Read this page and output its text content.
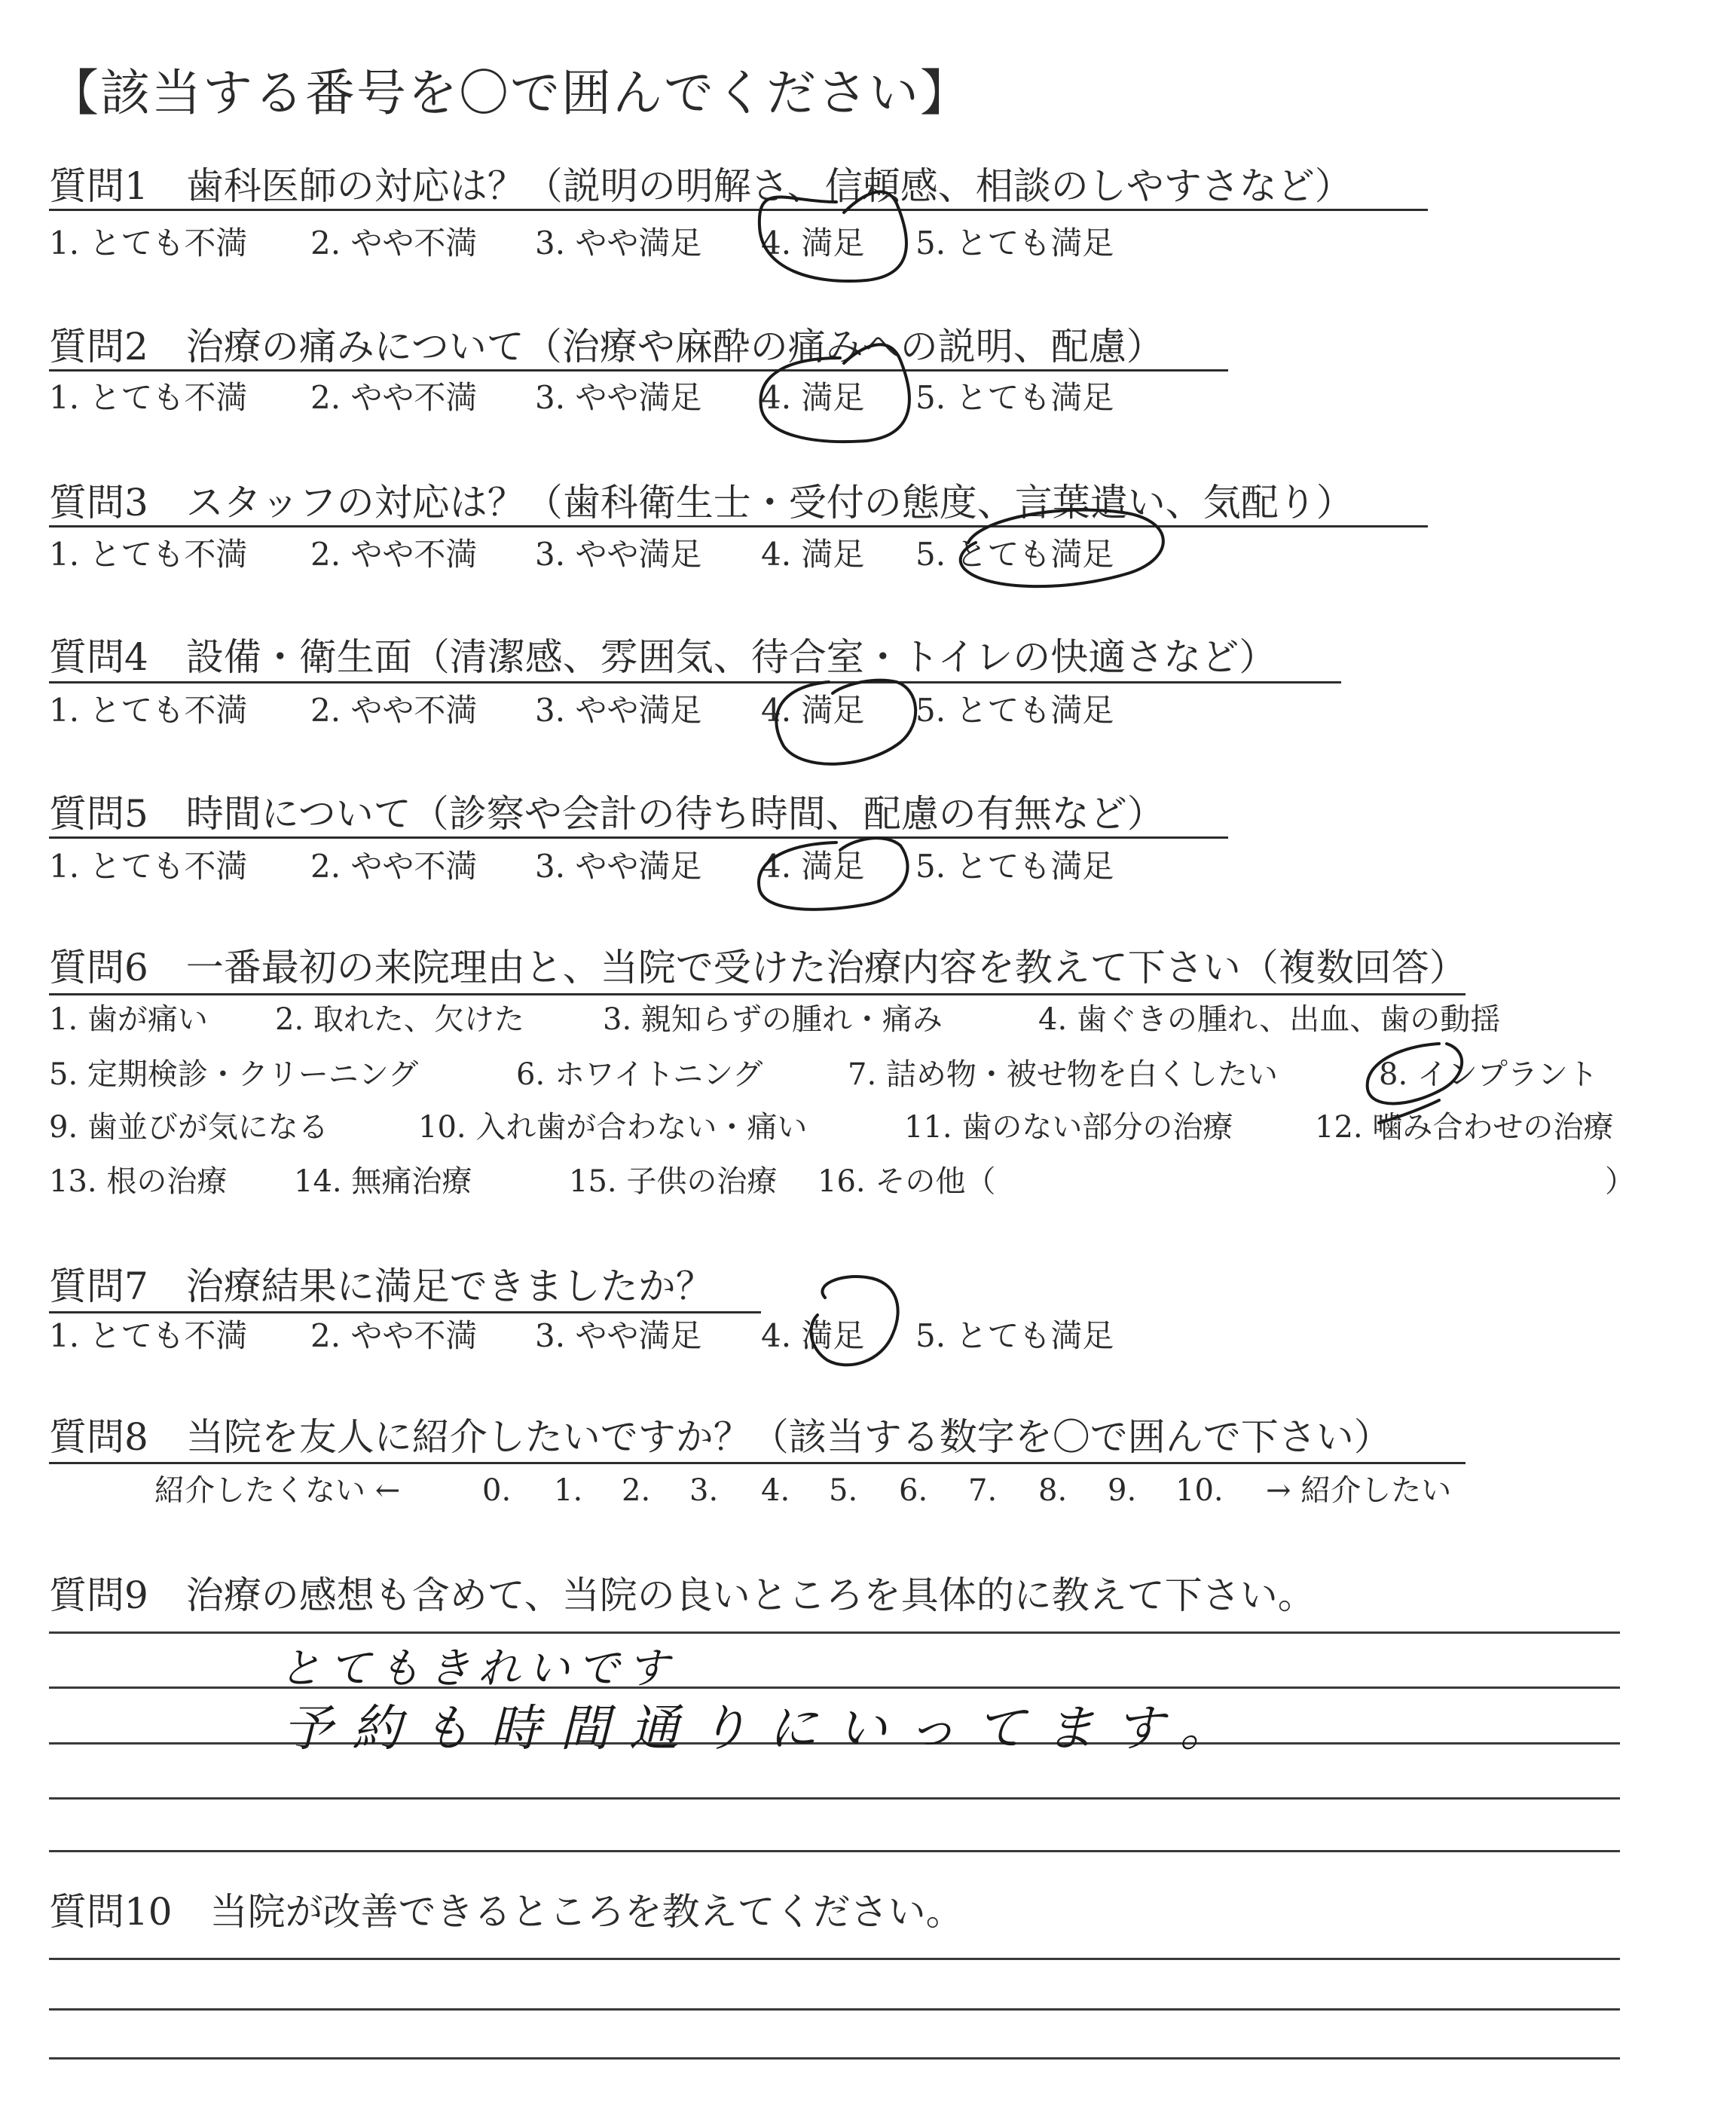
【該当する番号を〇で囲んでください】
質問1　歯科医師の対応は？（説明の明解さ、信頼感、相談のしやすさなど）
1. とても不満 2. やや不満 3. やや満足 4. 満足 5. とても満足
質問2　治療の痛みについて（治療や麻酔の痛みへの説明、配慮）
1. とても不満 2. やや不満 3. やや満足 4. 満足 5. とても満足
質問3　スタッフの対応は？（歯科衛生士・受付の態度、言葉遣い、気配り）
1. とても不満 2. やや不満 3. やや満足 4. 満足 5. とても満足
質問4　設備・衛生面（清潔感、雰囲気、待合室・トイレの快適さなど）
1. とても不満 2. やや不満 3. やや満足 4. 満足 5. とても満足
質問5　時間について（診察や会計の待ち時間、配慮の有無など）
1. とても不満 2. やや不満 3. やや満足 4. 満足 5. とても満足
質問6　一番最初の来院理由と、当院で受けた治療内容を教えて下さい（複数回答）
1. 歯が痛い 2. 取れた、欠けた	3. 親知らずの腫れ・痛み	4. 歯ぐきの腫れ、出血、歯の動揺
5. 定期検診・クリーニング	6. ホワイトニング	7. 詰め物・被せ物を白くしたい	8. インプラント
9. 歯並びが気になる	10. 入れ歯が合わない・痛い	11. 歯のない部分の治療	12. 噛み合わせの治療
13. 根の治療 14. 無痛治療	15. 子供の治療 16. その他（	）
質問7　治療結果に満足できましたか？
1. とても不満 2. やや不満 3. やや満足 4. 満足 5. とても満足
質問8　当院を友人に紹介したいですか？（該当する数字を〇で囲んで下さい）
紹介したくない ←	0. 1. 2. 3. 4. 5. 6. 7. 8. 9. 10. → 紹介したい
質問9　治療の感想も含めて、当院の良いところを具体的に教えて下さい。
とてもきれいです
予約も時間通りにいってます。
質問10　当院が改善できるところを教えてください。
